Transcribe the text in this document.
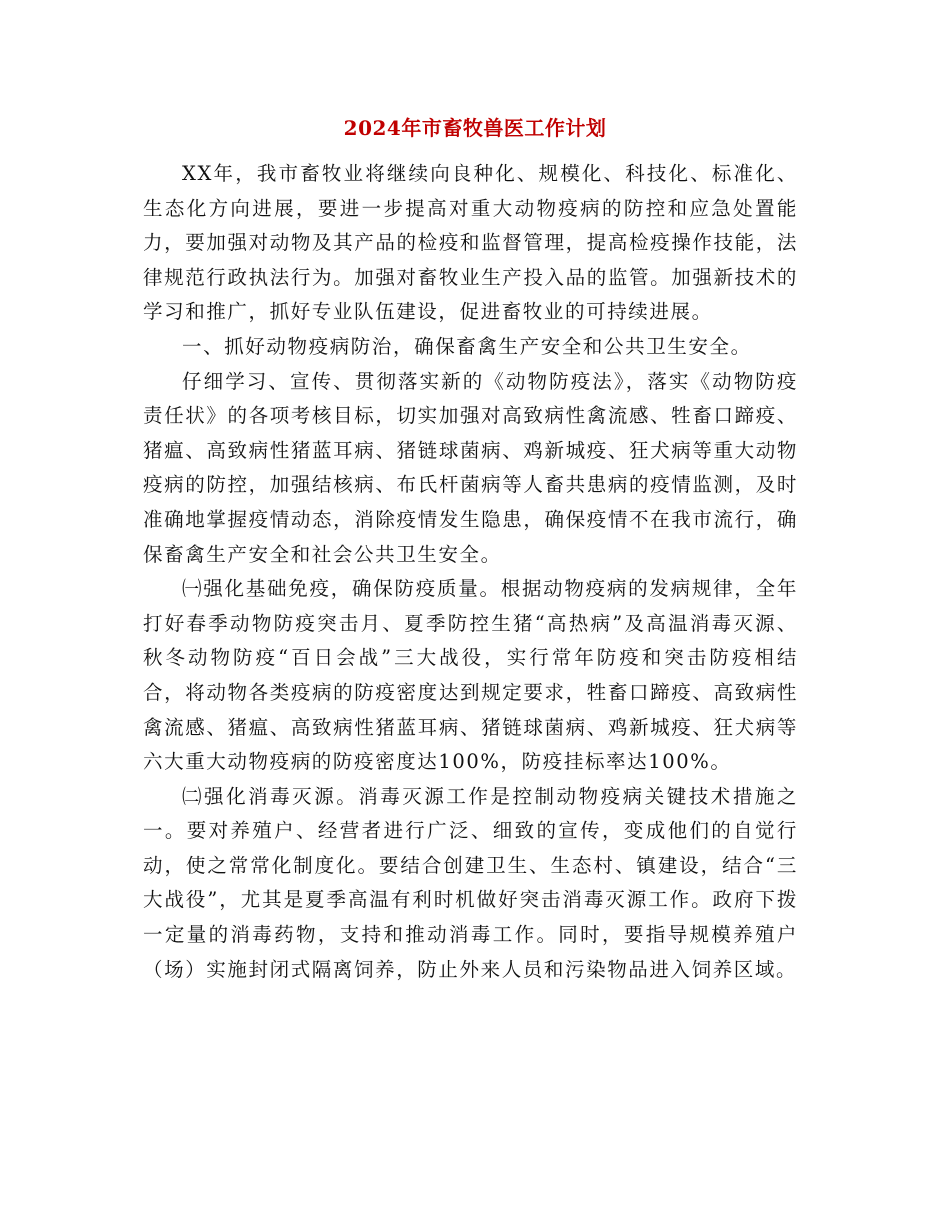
2024年市畜牧兽医工作计划

XX年，我市畜牧业将继续向良种化、规模化、科技化、标准化、生态化方向进展，要进一步提高对重大动物疫病的防控和应急处置能力，要加强对动物及其产品的检疫和监督管理，提高检疫操作技能，法律规范行政执法行为。加强对畜牧业生产投入品的监管。加强新技术的学习和推广，抓好专业队伍建设，促进畜牧业的可持续进展。

一、抓好动物疫病防治，确保畜禽生产安全和公共卫生安全。

仔细学习、宣传、贯彻落实新的《动物防疫法》，落实《动物防疫责任状》的各项考核目标，切实加强对高致病性禽流感、牲畜口蹄疫、猪瘟、高致病性猪蓝耳病、猪链球菌病、鸡新城疫、狂犬病等重大动物疫病的防控，加强结核病、布氏杆菌病等人畜共患病的疫情监测，及时准确地掌握疫情动态，消除疫情发生隐患，确保疫情不在我市流行，确保畜禽生产安全和社会公共卫生安全。

㈠强化基础免疫，确保防疫质量。根据动物疫病的发病规律，全年打好春季动物防疫突击月、夏季防控生猪“高热病”及高温消毒灭源、秋冬动物防疫“百日会战”三大战役，实行常年防疫和突击防疫相结合，将动物各类疫病的防疫密度达到规定要求，牲畜口蹄疫、高致病性禽流感、猪瘟、高致病性猪蓝耳病、猪链球菌病、鸡新城疫、狂犬病等六大重大动物疫病的防疫密度达100%，防疫挂标率达100%。

㈡强化消毒灭源。消毒灭源工作是控制动物疫病关键技术措施之一。要对养殖户、经营者进行广泛、细致的宣传，变成他们的自觉行动，使之常常化制度化。要结合创建卫生、生态村、镇建设，结合“三大战役”，尤其是夏季高温有利时机做好突击消毒灭源工作。政府下拨一定量的消毒药物，支持和推动消毒工作。同时，要指导规模养殖户（场）实施封闭式隔离饲养，防止外来人员和污染物品进入饲养区域。
